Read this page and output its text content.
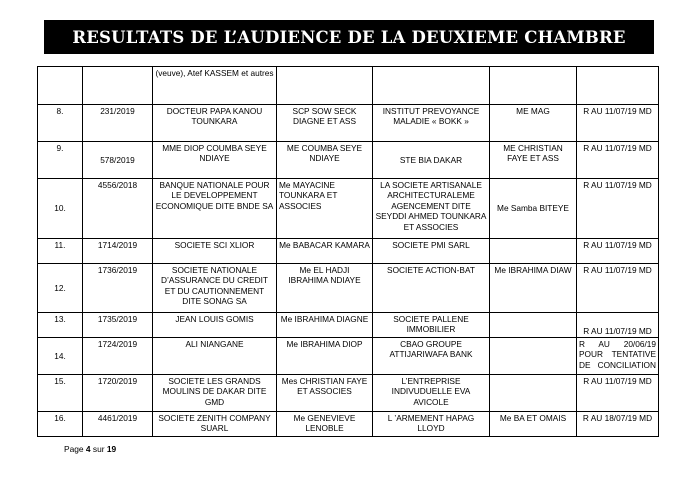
RESULTATS DE L’AUDIENCE DE LA DEUXIEME CHAMBRE
		(veuve), Atef KASSEM et autres				
8.	231/2019	DOCTEUR PAPA KANOU TOUNKARA	SCP SOW SECK DIAGNE ET ASS	INSTITUT PREVOYANCE MALADIE « BOKK »	ME MAG	R AU 11/07/19 MD
9.	578/2019	MME DIOP COUMBA SEYE NDIAYE	ME COUMBA SEYE NDIAYE	STE BIA DAKAR	ME CHRISTIAN FAYE ET ASS	R AU 11/07/19 MD
10.	4556/2018	BANQUE NATIONALE POUR LE DEVELOPPEMENT ECONOMIQUE DITE BNDE SA	Me MAYACINE TOUNKARA ET ASSOCIES	LA SOCIETE ARTISANALE ARCHITECTURALEME AGENCEMENT DITE SEYDDI AHMED TOUNKARA ET ASSOCIES	Me Samba BITEYE	R AU 11/07/19 MD
11.	1714/2019	SOCIETE SCI XLIOR	Me BABACAR KAMARA	SOCIETE PMI SARL		R AU 11/07/19 MD
12.	1736/2019	SOCIETE NATIONALE D’ASSURANCE DU CREDIT ET DU CAUTIONNEMENT DITE SONAG SA	Me EL HADJI IBRAHIMA NDIAYE	SOCIETE ACTION-BAT	Me IBRAHIMA DIAW	R AU 11/07/19 MD
13.	1735/2019	JEAN LOUIS GOMIS	Me IBRAHIMA DIAGNE	SOCIETE PALLENE IMMOBILIER		R AU 11/07/19 MD
14.	1724/2019	ALI NIANGANE	Me IBRAHIMA DIOP	CBAO GROUPE ATTIJARIWAFA BANK		R AU 20/06/19 POUR TENTATIVE DE CONCILIATION
15.	1720/2019	SOCIETE LES GRANDS MOULINS DE DAKAR DITE GMD	Mes CHRISTIAN FAYE ET ASSOCIES	L’ENTREPRISE INDIVUDUELLE EVA AVICOLE		R AU 11/07/19 MD
16.	4461/2019	SOCIETE ZENITH COMPANY SUARL	Me GENEVIEVE LENOBLE	L ’ARMEMENT HAPAG LLOYD	Me BA ET OMAIS	R AU 18/07/19 MD
Page 4 sur 19
